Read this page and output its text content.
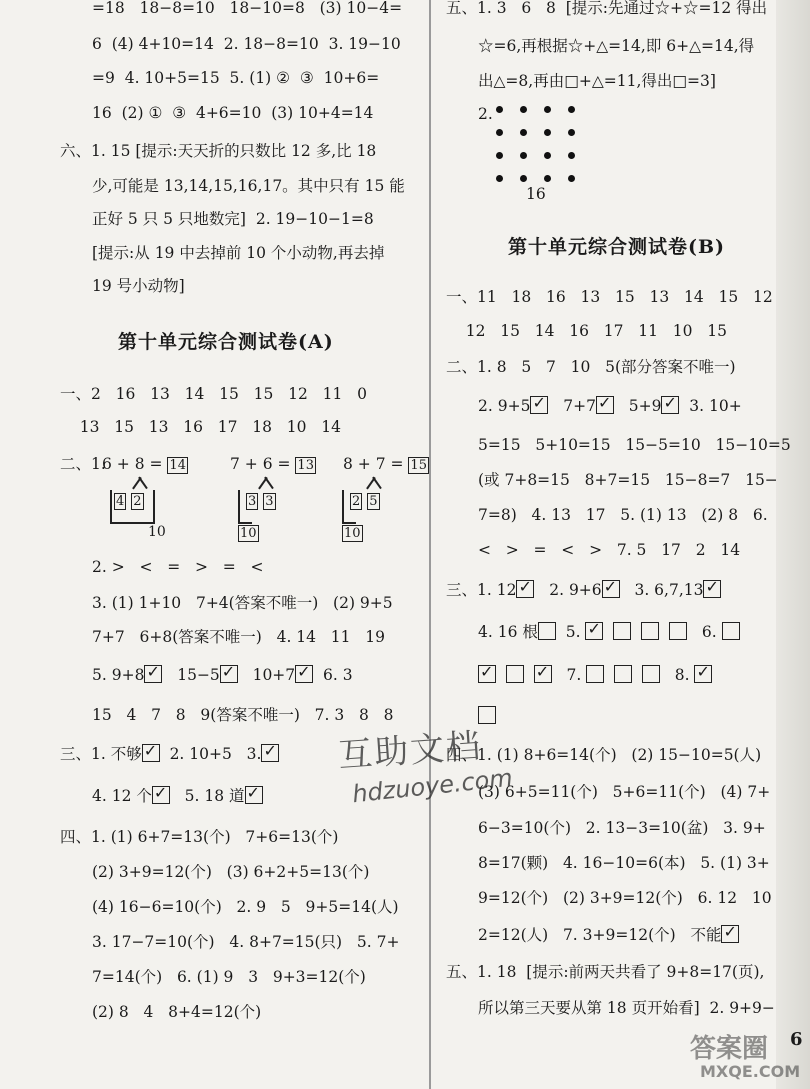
=18   18−8=10   18−10=8   (3) 10−4=
6  (4) 4+10=14  2. 18−8=10  3. 19−10
=9  4. 10+5=15  5. (1) ②  ③  10+6=
16  (2) ①  ③  4+6=10  (3) 10+4=14
六、1. 15 [提示:天天折的只数比 12 多,比 18
少,可能是 13,14,15,16,17。其中只有 15 能
正好 5 只 5 只地数完]  2. 19−10−1=8
[提示:从 19 中去掉前 10 个小动物,再去掉
19 号小动物]
第十单元综合测试卷(A)
一、2   16   13   14   15   15   12   11   0
13   15   13   16   17   18   10   14
二、1.
6 + 8 = 14	7 + 6 = 13 8 + 7 = 15
4 2
10
3 3
10
2 5
10
2. >   <   =   >   =   <
3. (1) 1+10   7+4(答案不唯一)   (2) 9+5
7+7   6+8(答案不唯一)   4. 14   11   19
5. 9+8 ✓   15−5 ✓   10+7 ✓  6. 3
15   4   7   8   9(答案不唯一)   7. 3   8   8
三、1. 不够 ✓  2. 10+5   3. ✓
4. 12 个 ✓   5. 18 道 ✓
四、1. (1) 6+7=13(个)   7+6=13(个)
(2) 3+9=12(个)   (3) 6+2+5=13(个)
(4) 16−6=10(个)   2. 9   5   9+5=14(人)
3. 17−7=10(个)   4. 8+7=15(只)   5. 7+
7=14(个)   6. (1) 9   3   9+3=12(个)
(2) 8   4   8+4=12(个)
五、1. 3   6   8  [提示:先通过☆+☆=12 得出
☆=6,再根据☆+△=14,即 6+△=14,得
出△=8,再由□+△=11,得出□=3]
2.
16
第十单元综合测试卷(B)
一、11   18   16   13   15   13   14   15   12
12   15   14   16   17   11   10   15
二、1. 8   5   7   10   5(部分答案不唯一)
2. 9+5 ✓   7+7 ✓   5+9 ✓  3. 10+
5=15   5+10=15   15−5=10   15−10=5
(或 7+8=15   8+7=15   15−8=7   15−
7=8)   4. 13   17   5. (1) 13   (2) 8   6.
<   >   =   <   >   7. 5   17   2   14
三、1. 12 ✓   2. 9+6 ✓   3. 6,7,13 ✓
4. 16 根  5.  ✓	6.
✓     ✓   7.	8.  ✓
四、1. (1) 8+6=14(个)   (2) 15−10=5(人)
(3) 6+5=11(个)   5+6=11(个)   (4) 7+
6−3=10(个)   2. 13−3=10(盆)   3. 9+
8=17(颗)   4. 16−10=6(本)   5. (1) 3+
9=12(个)   (2) 3+9=12(个)   6. 12   10
2=12(人)   7. 3+9=12(个)   不能 ✓
五、1. 18  [提示:前两天共看了 9+8=17(页),
所以第三天要从第 18 页开始看]  2. 9+9−
互助文档
hdzuoye.com
答案圈
MXQE.COM
6
